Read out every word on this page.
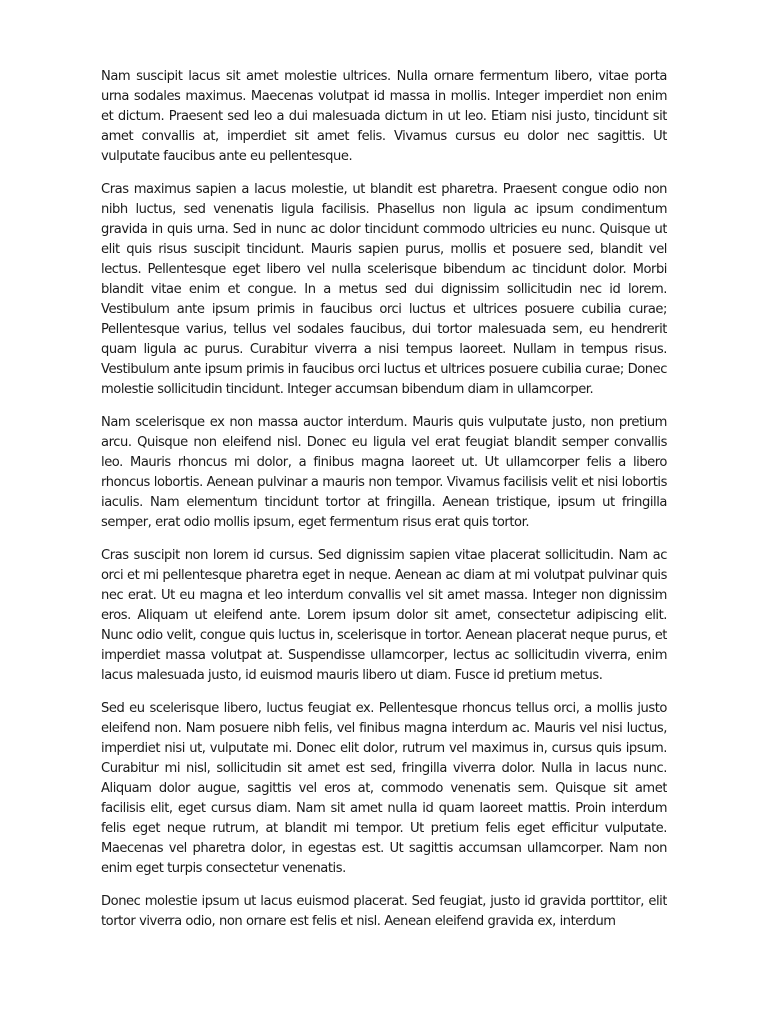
Nam suscipit lacus sit amet molestie ultrices. Nulla ornare fermentum libero, vitae porta urna sodales maximus. Maecenas volutpat id massa in mollis. Integer imperdiet non enim et dictum. Praesent sed leo a dui malesuada dictum in ut leo. Etiam nisi justo, tincidunt sit amet convallis at, imperdiet sit amet felis. Vivamus cursus eu dolor nec sagittis. Ut vulputate faucibus ante eu pellentesque.

Cras maximus sapien a lacus molestie, ut blandit est pharetra. Praesent congue odio non nibh luctus, sed venenatis ligula facilisis. Phasellus non ligula ac ipsum condimentum gravida in quis urna. Sed in nunc ac dolor tincidunt commodo ultricies eu nunc. Quisque ut elit quis risus suscipit tincidunt. Mauris sapien purus, mollis et posuere sed, blandit vel lectus. Pellentesque eget libero vel nulla scelerisque bibendum ac tincidunt dolor. Morbi blandit vitae enim et congue. In a metus sed dui dignissim sollicitudin nec id lorem. Vestibulum ante ipsum primis in faucibus orci luctus et ultrices posuere cubilia curae; Pellentesque varius, tellus vel sodales faucibus, dui tortor malesuada sem, eu hendrerit quam ligula ac purus. Curabitur viverra a nisi tempus laoreet. Nullam in tempus risus. Vestibulum ante ipsum primis in faucibus orci luctus et ultrices posuere cubilia curae; Donec molestie sollicitudin tincidunt. Integer accumsan bibendum diam in ullamcorper.

Nam scelerisque ex non massa auctor interdum. Mauris quis vulputate justo, non pretium arcu. Quisque non eleifend nisl. Donec eu ligula vel erat feugiat blandit semper convallis leo. Mauris rhoncus mi dolor, a finibus magna laoreet ut. Ut ullamcorper felis a libero rhoncus lobortis. Aenean pulvinar a mauris non tempor. Vivamus facilisis velit et nisi lobortis iaculis. Nam elementum tincidunt tortor at fringilla. Aenean tristique, ipsum ut fringilla semper, erat odio mollis ipsum, eget fermentum risus erat quis tortor.

Cras suscipit non lorem id cursus. Sed dignissim sapien vitae placerat sollicitudin. Nam ac orci et mi pellentesque pharetra eget in neque. Aenean ac diam at mi volutpat pulvinar quis nec erat. Ut eu magna et leo interdum convallis vel sit amet massa. Integer non dignissim eros. Aliquam ut eleifend ante. Lorem ipsum dolor sit amet, consectetur adipiscing elit. Nunc odio velit, congue quis luctus in, scelerisque in tortor. Aenean placerat neque purus, et imperdiet massa volutpat at. Suspendisse ullamcorper, lectus ac sollicitudin viverra, enim lacus malesuada justo, id euismod mauris libero ut diam. Fusce id pretium metus.

Sed eu scelerisque libero, luctus feugiat ex. Pellentesque rhoncus tellus orci, a mollis justo eleifend non. Nam posuere nibh felis, vel finibus magna interdum ac. Mauris vel nisi luctus, imperdiet nisi ut, vulputate mi. Donec elit dolor, rutrum vel maximus in, cursus quis ipsum. Curabitur mi nisl, sollicitudin sit amet est sed, fringilla viverra dolor. Nulla in lacus nunc. Aliquam dolor augue, sagittis vel eros at, commodo venenatis sem. Quisque sit amet facilisis elit, eget cursus diam. Nam sit amet nulla id quam laoreet mattis. Proin interdum felis eget neque rutrum, at blandit mi tempor. Ut pretium felis eget efficitur vulputate. Maecenas vel pharetra dolor, in egestas est. Ut sagittis accumsan ullamcorper. Nam non enim eget turpis consectetur venenatis.

Donec molestie ipsum ut lacus euismod placerat. Sed feugiat, justo id gravida porttitor, elit tortor viverra odio, non ornare est felis et nisl. Aenean eleifend gravida ex, interdum
